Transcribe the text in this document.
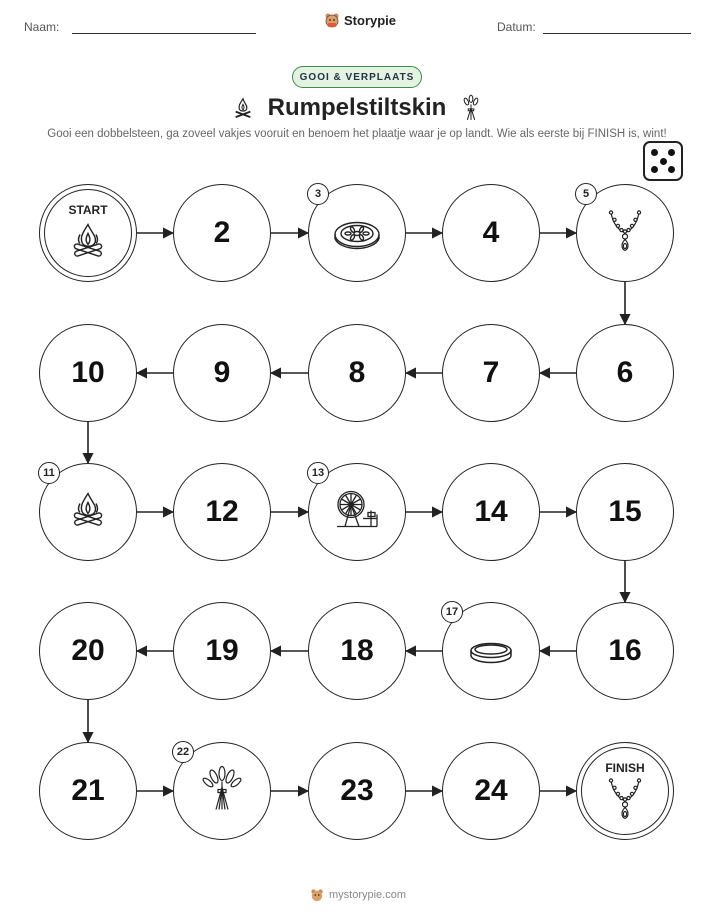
Naam:	Storypie	Datum:
GOOI & VERPLAATS
Rumpelstiltskin
Gooi een dobbelsteen, ga zoveel vakjes vooruit en benoem het plaatje waar je op landt. Wie als eerste bij FINISH is, wint!
START
2
3
4
5
6
7
8
9
10
11
12
13
14	15
16
17
18
19
20
21
22
23	24
FINISH
mystorypie.com
